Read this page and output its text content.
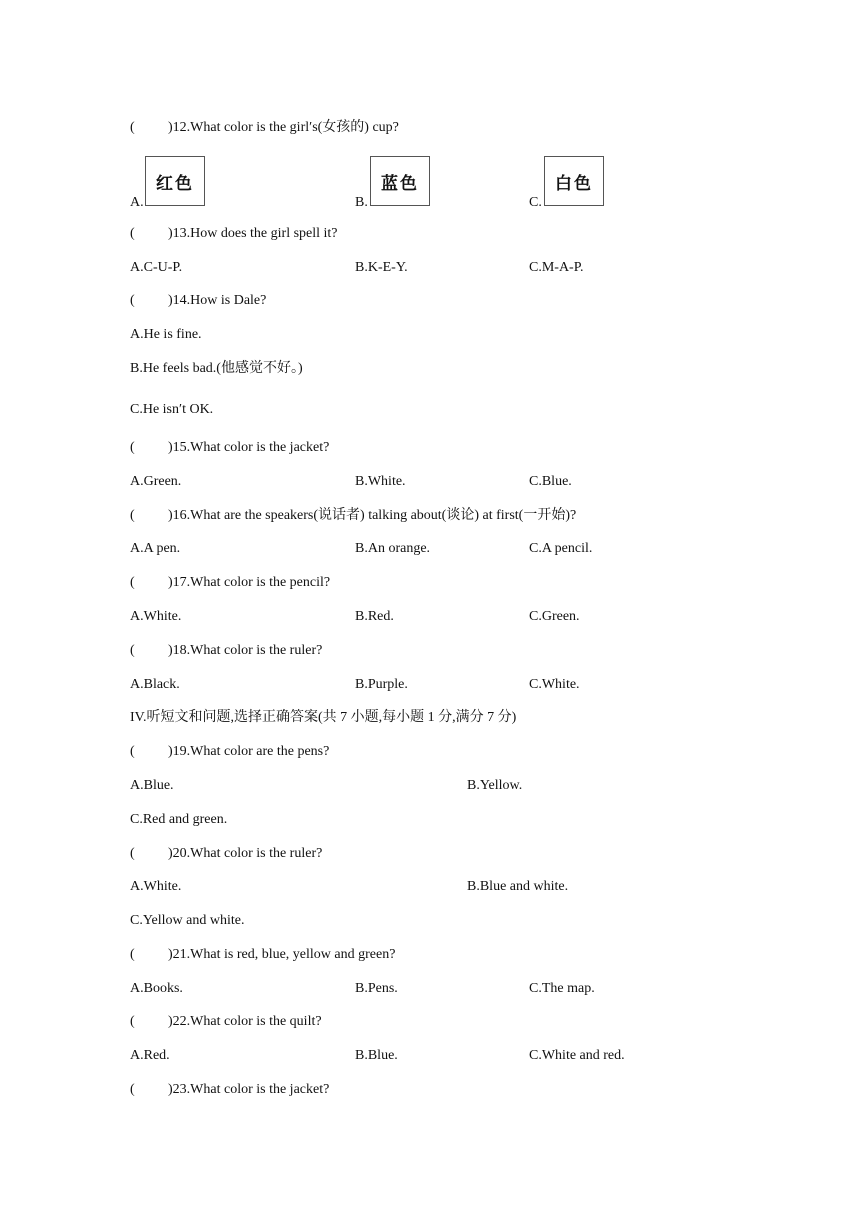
( )12.What color is the girl′s(女孩的) cup?
A.
红色
B.
蓝色
C.
白色
( )13.How does the girl spell it?
A.C-U-P.	B.K-E-Y.	C.M-A-P.
( )14.How is Dale?
A.He is fine.
B.He feels bad.(他感觉不好。)
C.He isn′t OK.
( )15.What color is the jacket?
A.Green.	B.White.	C.Blue.
( )16.What are the speakers(说话者) talking about(谈论) at first(一开始)?
A.A pen.	B.An orange.	C.A pencil.
( )17.What color is the pencil?
A.White.	B.Red.	C.Green.
( )18.What color is the ruler?
A.Black.	B.Purple.	C.White.
IV.听短文和问题,选择正确答案(共 7 小题,每小题 1 分,满分 7 分)
( )19.What color are the pens?
A.Blue.	B.Yellow.
C.Red and green.
( )20.What color is the ruler?
A.White.	B.Blue and white.
C.Yellow and white.
( )21.What is red, blue, yellow and green?
A.Books.	B.Pens.	C.The map.
( )22.What color is the quilt?
A.Red.	B.Blue.	C.White and red.
( )23.What color is the jacket?
